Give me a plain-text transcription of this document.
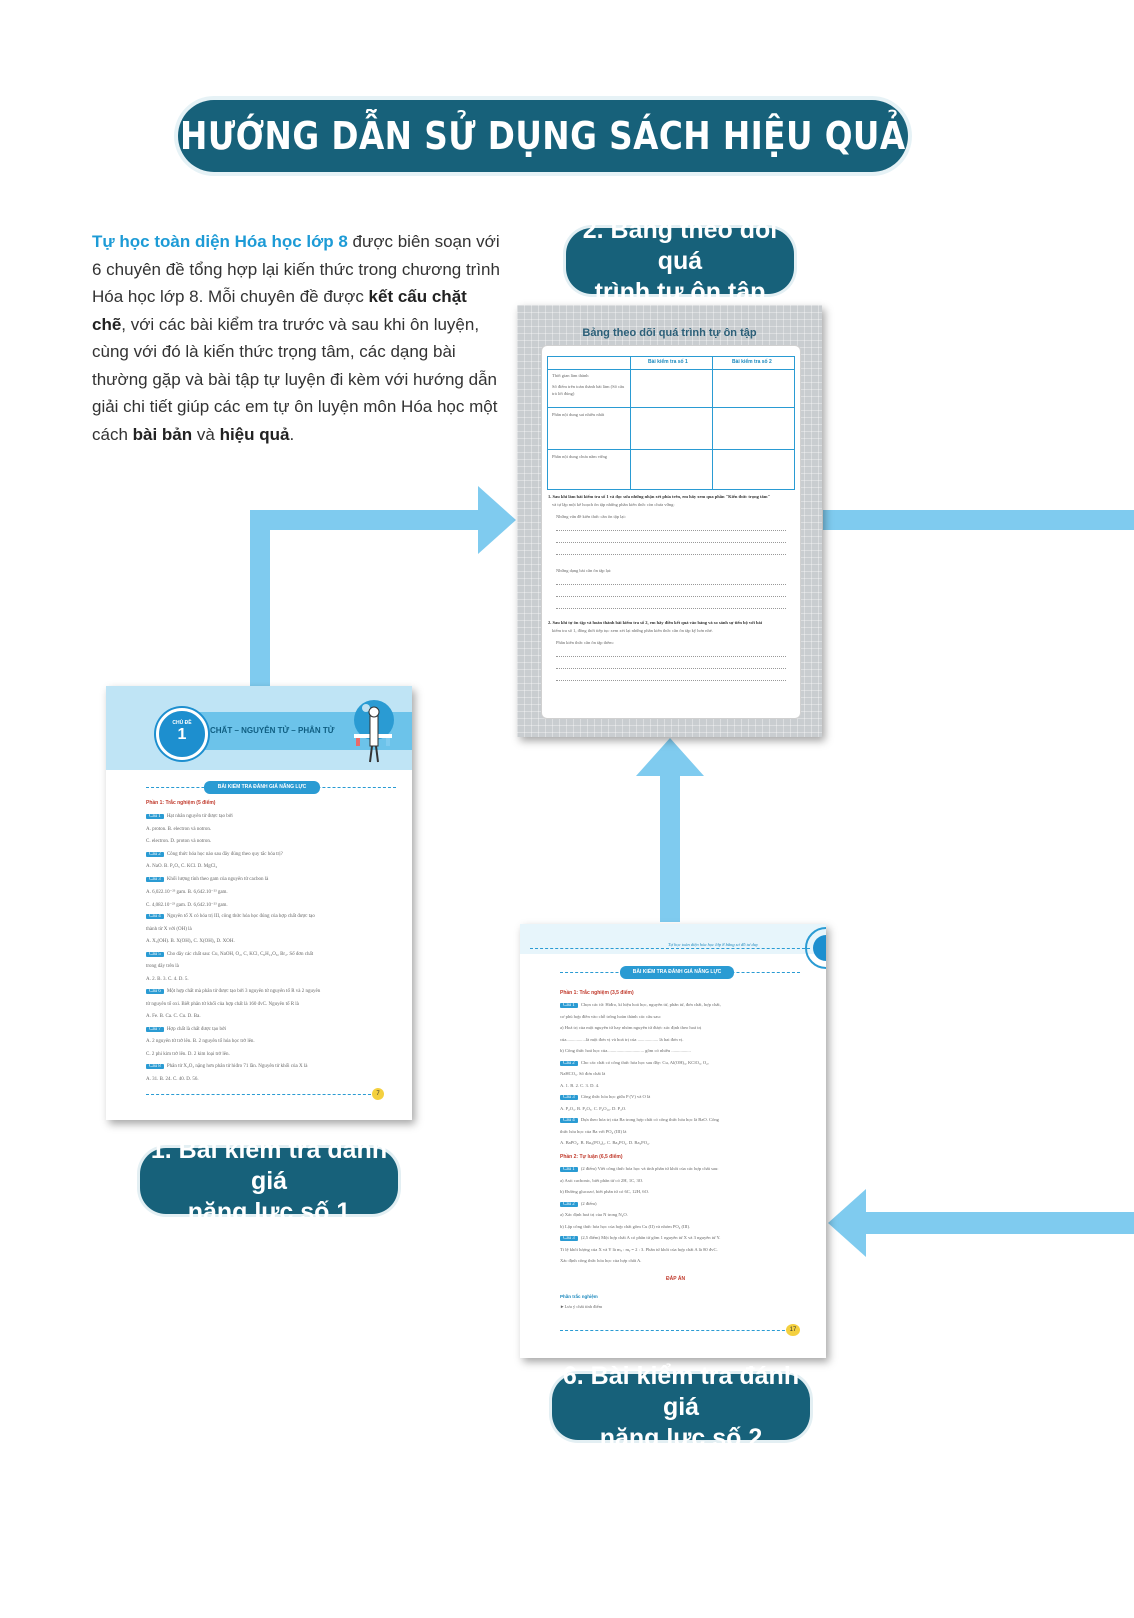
HƯỚNG DẪN SỬ DỤNG SÁCH HIỆU QUẢ
Tự học toàn diện Hóa học lớp 8 được biên soạn với 6 chuyên đề tổng hợp lại kiến thức trong chương trình Hóa học lớp 8. Mỗi chuyên đề được kết cấu chặt chẽ, với các bài kiểm tra trước và sau khi ôn luyện, cùng với đó là kiến thức trọng tâm, các dạng bài thường gặp và bài tập tự luyện đi kèm với hướng dẫn giải chi tiết giúp các em tự ôn luyện môn Hóa học một cách bài bản và hiệu quả.
2. Bảng theo dõi quá
trình tự ôn tập
Bảng theo dõi quá trình tự ôn tập
Bài kiểm tra số 1	Bài kiểm tra số 2
Thời gian làm thành
Số điểm trên toàn thành bài làm (Số câu trả lời đúng)
Phần nội dung sai nhiều nhất
Phần nội dung chưa nắm vững
1. Sau khi làm bài kiểm tra số 1 và đọc sửa những nhận xét phía trên, em hãy xem qua phần "Kiến thức trọng tâm"
và tự lập một kế hoạch ôn tập những phần kiến thức còn chưa vững:
Những vấn đề kiến thức cần ôn tập lại:
Những dạng bài cần ôn tập lại:
2. Sau khi tự ôn tập và hoàn thành bài kiểm tra số 2, em hãy điền kết quả vào bảng và so sánh sự tiến bộ với bài
kiểm tra số 1, đồng thời tiếp tục xem xét lại những phần kiến thức cần ôn tập kỹ hơn nhé.
Phần kiến thức cần ôn tập thêm:
CHỦ ĐỀ
1	CHẤT – NGUYÊN TỬ – PHÂN TỬ
BÀI KIỂM TRA ĐÁNH GIÁ NĂNG LỰC
Phần 1: Trắc nghiệm (5 điểm)
Câu 1 Hạt nhân nguyên tử được tạo bởi
A. proton. B. electron và notron.
C. electron. D. proton và notron.
Câu 2 Công thức hóa học nào sau đây đúng theo quy tắc hóa trị?
A. NaO. B. P₂O₅ C. KCl. D. MgCl₂
Câu 3 Khối lượng tính theo gam của nguyên tử cacbon là
A. 6,022.10⁻²³ gam. B. 6,642.10⁻²³ gam.
C. 4,082.10⁻²³ gam. D. 6,642.10⁻²³ gam.
Câu 4 Nguyên tố X có hóa trị III, công thức hóa học đúng của hợp chất được tạo
thành từ X với (OH) là
A. X₃(OH). B. X(OH)₃ C. X(OH)₂ D. XOH.
Câu 5 Cho dãy các chất sau: Cu, NaOH, O₂, C, KCl, C₆H₁₂O₆, Br₂. Số đơn chất
trong dãy trên là
A. 2. B. 3. C. 4. D. 5.
Câu 6 Một hợp chất mà phân tử được tạo bởi 3 nguyên tử nguyên tố R và 2 nguyên
tử nguyên tố oxi. Biết phân tử khối của hợp chất là 160 đvC. Nguyên tố R là
A. Fe. B. Ca. C. Cu. D. Ba.
Câu 7 Hợp chất là chất được tạo bởi
A. 2 nguyên tử trở lên. B. 2 nguyên tố hóa học trở lên.
C. 2 phi kim trở lên. D. 2 kim loại trở lên.
Câu 8 Phân tử X₂O₃ nặng hơn phân tử hiđro 71 lần. Nguyên tử khối của X là
A. 31. B. 24. C. 40. D. 56.
7
1. Bài kiểm tra đánh giá
năng lực số 1
Tự học toàn diện hóa học lớp 8 bằng sơ đồ tư duy
BÀI KIỂM TRA ĐÁNH GIÁ NĂNG LỰC
Phần 1: Trắc nghiệm (3,5 điểm)
Câu 1 Chọn các từ: Hiđro, kí hiệu hoá học, nguyên tử, phân tử, đơn chất, hợp chất,
cơ phù hợp điền vào chỗ trống hoàn thành các câu sau:
a) Hoá trị của một nguyên tử hay nhóm nguyên tử được xác định theo hoá trị
của.................là một đơn vị và hoá trị của .................. là hai đơn vị.
b) Công thức hoá học của................................ gồm có nhiều .................
Câu 2 Cho các chất có công thức hóa học sau đây: Cu, Al(OH)₃, KClO₃, O₂,
NaHCO₃. Số đơn chất là
A. 1. B. 2. C. 3. D. 4.
Câu 3 Công thức hóa học giữa P (V) và O là
A. P₂O₃. B. P₂O₅. C. P₄O₁₀. D. P₂O.
Câu 4 Dựa theo hóa trị của Ba trong hợp chất có công thức hóa học là BaO. Công
thức hóa học của Ba với PO₄ (III) là
A. BaPO₄. B. Ba₃(PO₄)₂. C. Ba₂PO₄. D. Ba₃PO₄.
Phần 2: Tự luận (6,5 điểm)
Câu 1 (2 điểm) Viết công thức hóa học và tính phân tử khối của các hợp chất sau:
a) Axit cacbonic, biết phân tử có 2H, 1C, 3O.
b) Đường glucozơ, biết phân tử có 6C, 12H, 6O.
Câu 2 (2 điểm)
a) Xác định hoá trị của N trong N₂O.
b) Lập công thức hóa học của hợp chất gồm Cu (II) và nhóm PO₄ (III).
Câu 3 (2,5 điểm) Một hợp chất A có phân tử gồm 1 nguyên tử X và 3 nguyên tử Y.
Tỉ lệ khối lượng của X và Y là mₓ : mᵧ = 2 : 3. Phân tử khối của hợp chất A là 80 đvC.
Xác định công thức hóa học của hợp chất A.
ĐÁP ÁN
Phần trắc nghiệm
►Lưu ý chất tính điểm
17
6. Bài kiểm tra đánh giá
năng lực số 2
